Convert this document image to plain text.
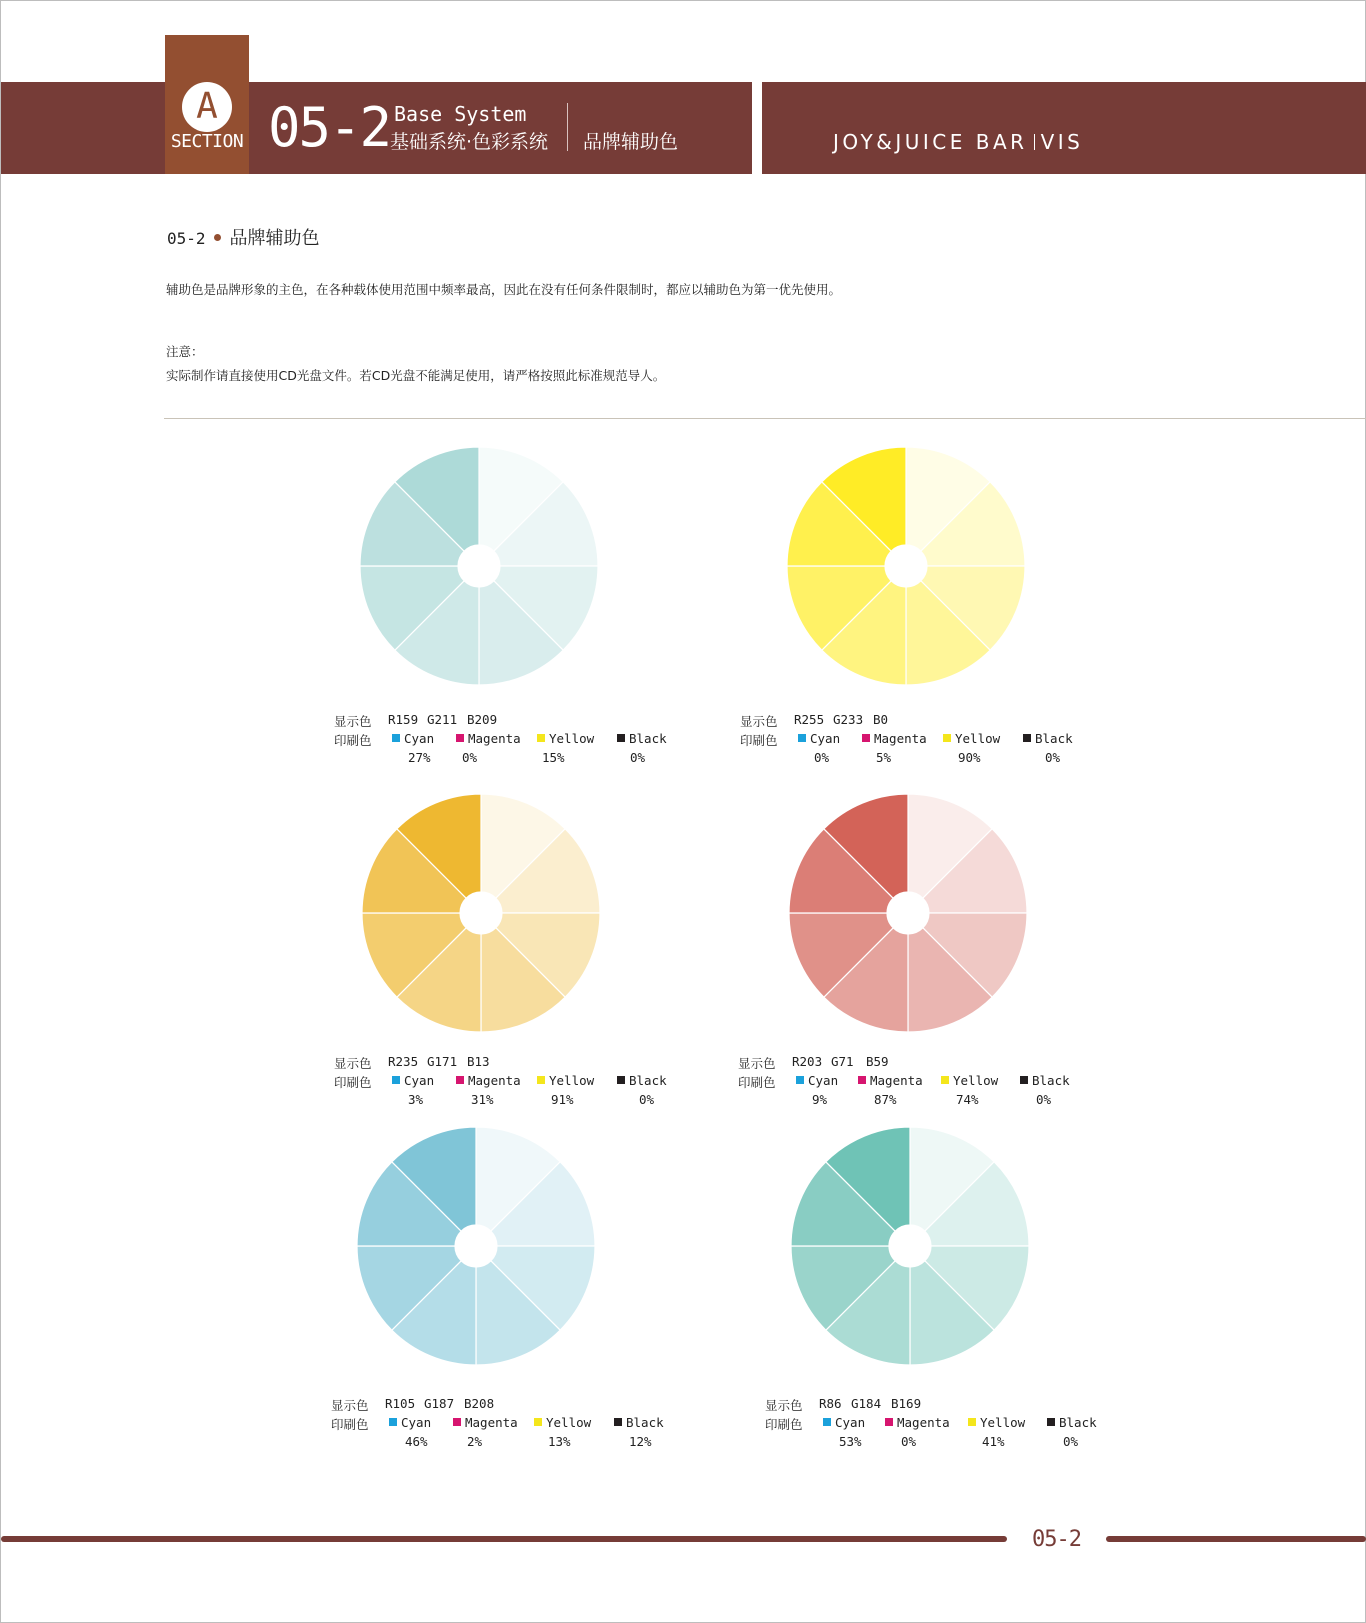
A
SECTION 05-2 Base System
基础系统·色彩系统 品牌辅助色	JOY&JUICE BAR VIS
05-2 品牌辅助色
辅助色是品牌形象的主色，在各种载体使用范围中频率最高，因此在没有任何条件限制时，都应以辅助色为第一优先使用。
注意：
实际制作请直接使用CD光盘文件。若CD光盘不能满足使用，请严格按照此标准规范导人。
显示色 R159 G211 B209
印刷色	Cyan	Magenta	Yellow	Black
27%	0%	15%	0%
显示色 R255 G233 B0
印刷色	Cyan	Magenta	Yellow	Black
0%	5%	90%	0%
显示色 R235 G171 B13
印刷色	Cyan	Magenta	Yellow	Black
3%	31%	91%	0%
显示色 R203 G71 B59
印刷色	Cyan	Magenta	Yellow	Black
9%	87%	74%	0%
显示色 R105 G187 B208
印刷色	Cyan	Magenta	Yellow	Black
46%	2%	13%	12%
显示色 R86 G184 B169
印刷色	Cyan	Magenta	Yellow	Black
53%	0%	41%	0%
05-2
